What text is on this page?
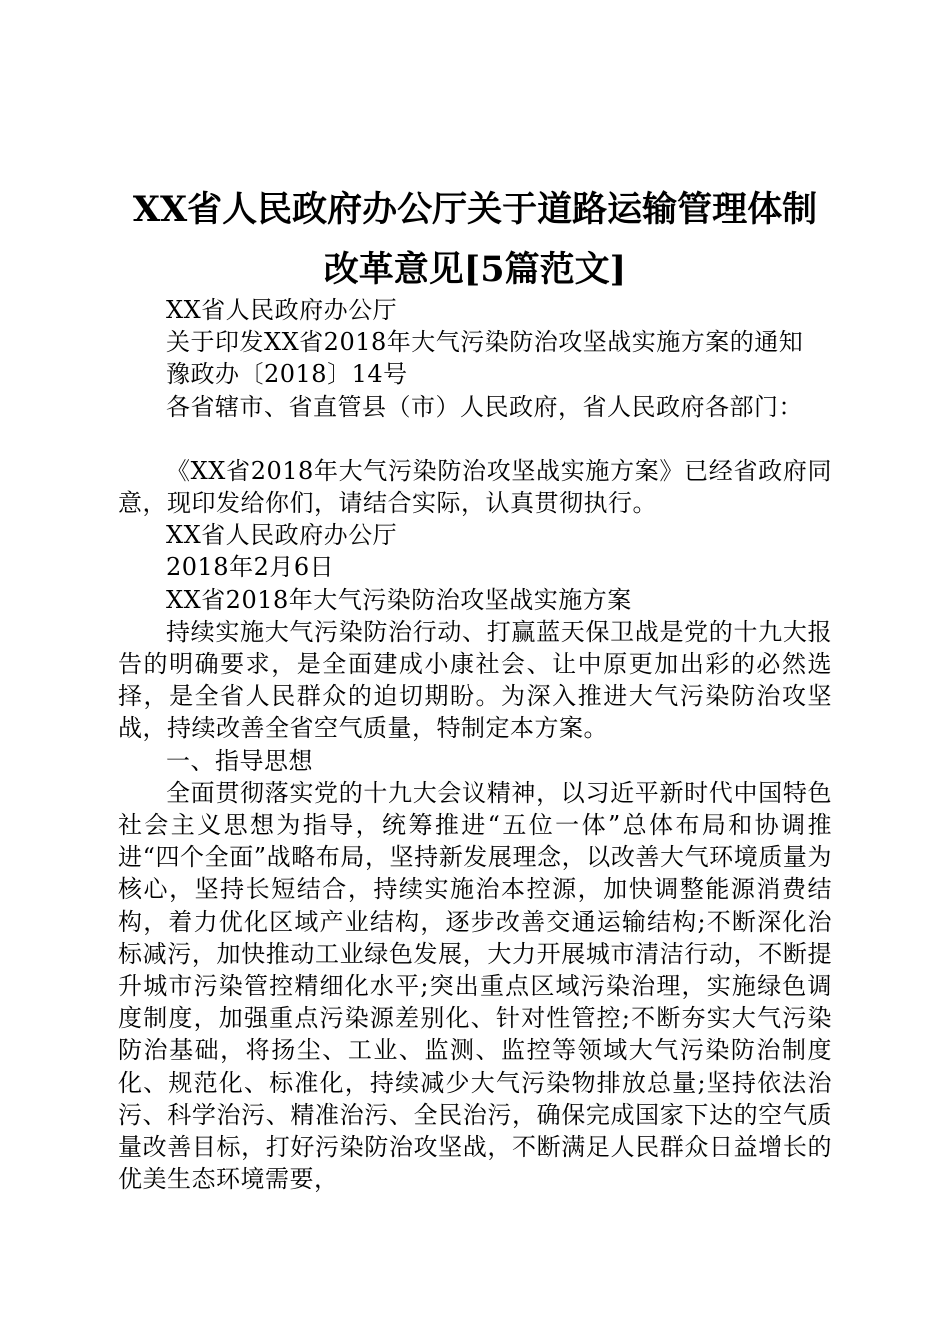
XX省人民政府办公厅关于道路运输管理体制
改革意见[5篇范文]

XX省人民政府办公厅

关于印发XX省2018年大气污染防治攻坚战实施方案的通知

豫政办〔2018〕14号

各省辖市、省直管县（市）人民政府，省人民政府各部门：

《XX省2018年大气污染防治攻坚战实施方案》已经省政府同意，现印发给你们，请结合实际，认真贯彻执行。

XX省人民政府办公厅

2018年2月6日

XX省2018年大气污染防治攻坚战实施方案

持续实施大气污染防治行动、打赢蓝天保卫战是党的十九大报告的明确要求，是全面建成小康社会、让中原更加出彩的必然选择，是全省人民群众的迫切期盼。为深入推进大气污染防治攻坚战，持续改善全省空气质量，特制定本方案。

一、指导思想

全面贯彻落实党的十九大会议精神，以习近平新时代中国特色社会主义思想为指导，统筹推进“五位一体”总体布局和协调推进“四个全面”战略布局，坚持新发展理念，以改善大气环境质量为核心，坚持长短结合，持续实施治本控源，加快调整能源消费结构，着力优化区域产业结构，逐步改善交通运输结构;不断深化治标减污，加快推动工业绿色发展，大力开展城市清洁行动，不断提升城市污染管控精细化水平;突出重点区域污染治理，实施绿色调度制度，加强重点污染源差别化、针对性管控;不断夯实大气污染防治基础，将扬尘、工业、监测、监控等领域大气污染防治制度化、规范化、标准化，持续减少大气污染物排放总量;坚持依法治污、科学治污、精准治污、全民治污，确保完成国家下达的空气质量改善目标，打好污染防治攻坚战，不断满足人民群众日益增长的优美生态环境需要，
